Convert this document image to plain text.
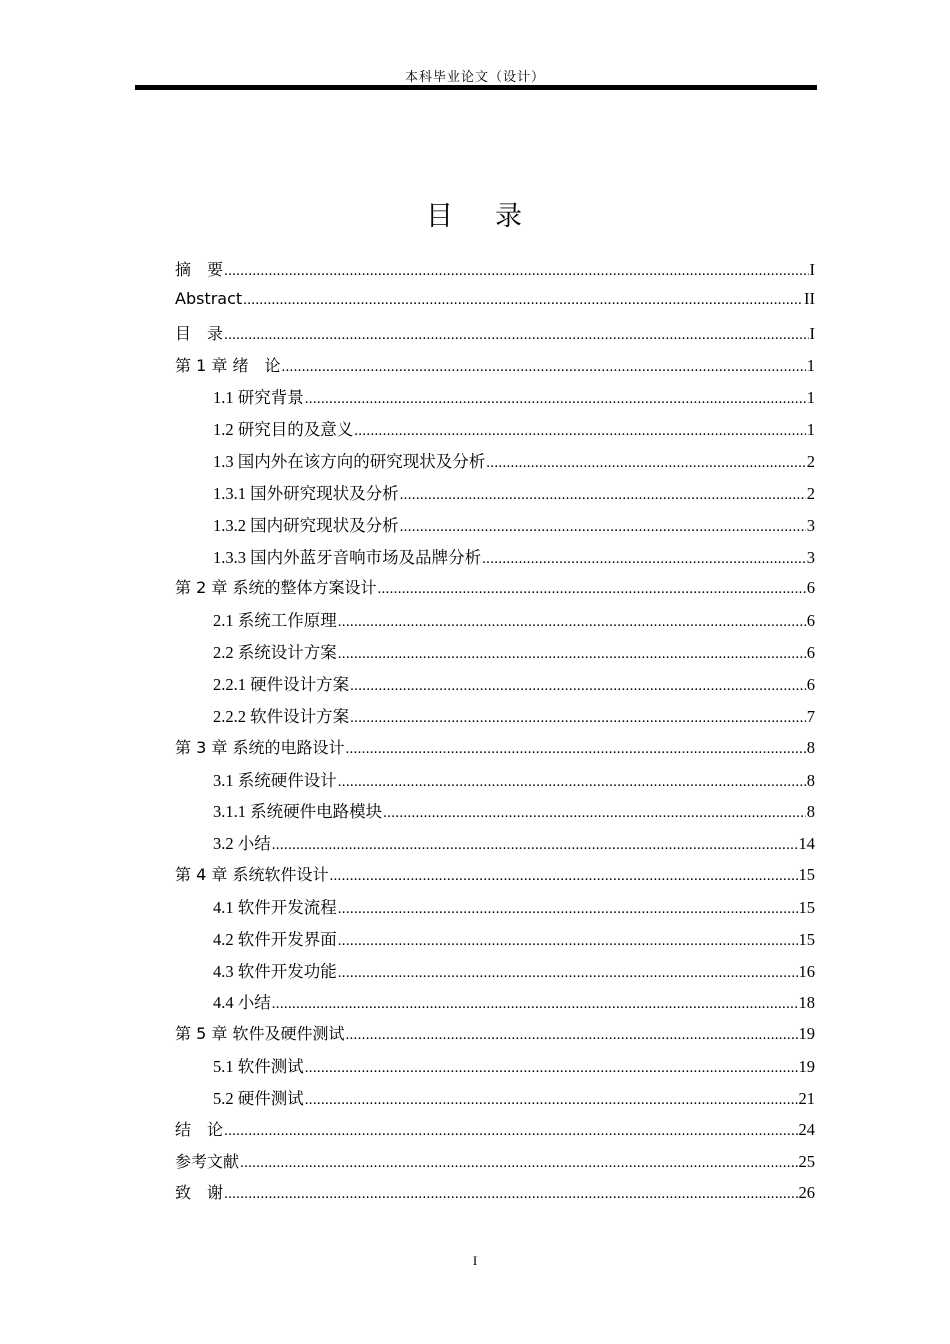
本科毕业论文（设计）
目 录
摘　要 .....	I
Abstract .....	II
目　录 .....	I
第 1 章 绪　论 .....	1
1.1 研究背景 .....	1
1.2 研究目的及意义 .....	1
1.3 国内外在该方向的研究现状及分析 .....	2
1.3.1 国外研究现状及分析 .....	2
1.3.2 国内研究现状及分析 .....	3
1.3.3 国内外蓝牙音响市场及品牌分析 .....	3
第 2 章 系统的整体方案设计 .....	6
2.1 系统工作原理 .....	6
2.2 系统设计方案 .....	6
2.2.1 硬件设计方案 .....	6
2.2.2 软件设计方案 .....	7
第 3 章 系统的电路设计 .....	8
3.1 系统硬件设计 .....	8
3.1.1 系统硬件电路模块 .....	8
3.2 小结 .....	14
第 4 章 系统软件设计 .....	15
4.1 软件开发流程 .....	15
4.2 软件开发界面 .....	15
4.3 软件开发功能 .....	16
4.4 小结 .....	18
第 5 章 软件及硬件测试 .....	19
5.1 软件测试 .....	19
5.2 硬件测试 .....	21
结　论 .....	24
参考文献 .....	25
致　谢 .....	26
I
